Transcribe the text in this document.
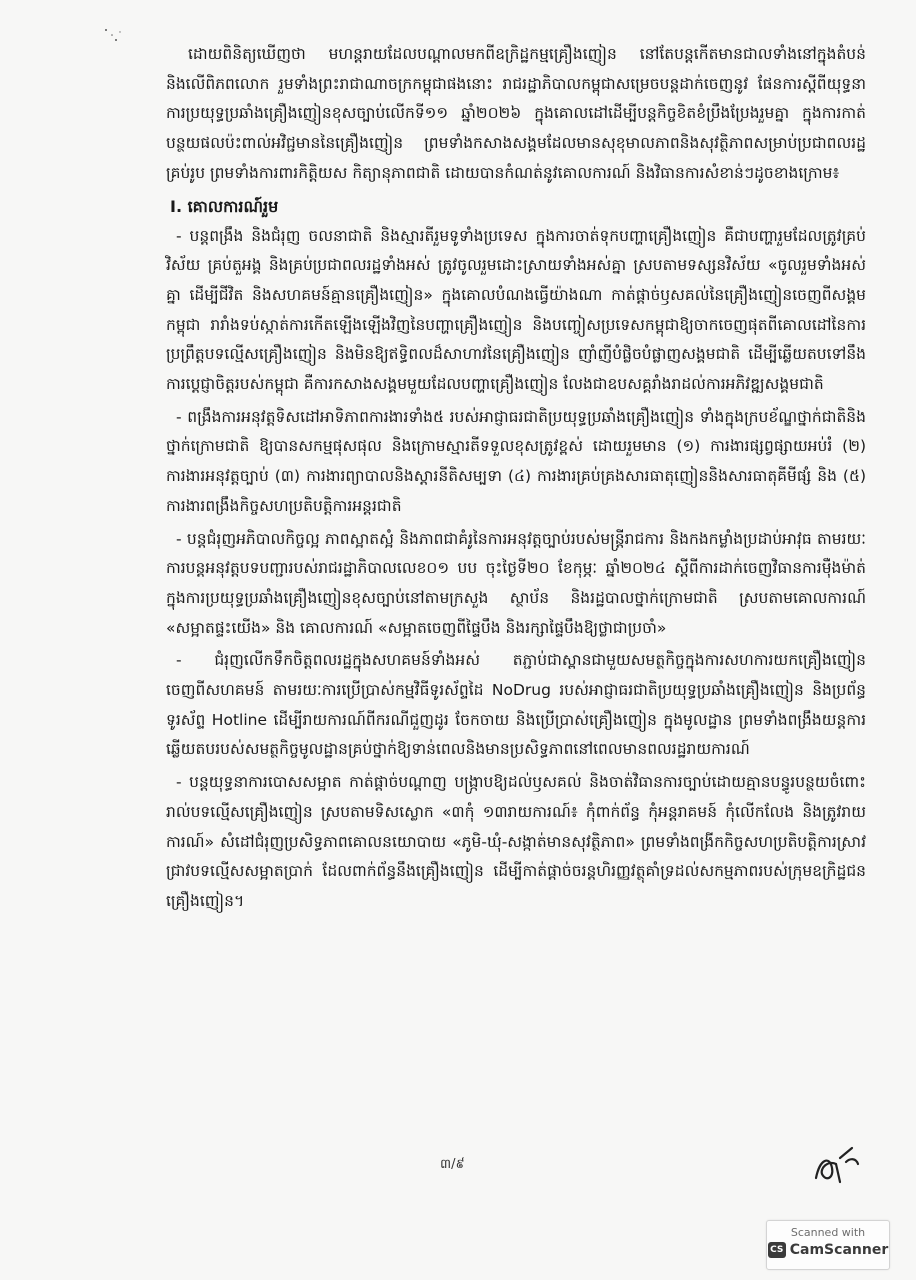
ដោយពិនិត្យឃើញថា មហន្តរាយដែលបណ្តាលមកពីឧក្រិដ្ឋកម្មគ្រឿងញៀន នៅតែបន្តកើតមានជាលទាំងនៅក្នុងតំបន់និងលើពិភពលោក រួមទាំងព្រះរាជាណាចក្រកម្ពុជាផងនោះ រាជរដ្ឋាភិបាលកម្ពុជាសម្រេចបន្តដាក់ចេញនូវ ផែនការស្តីពីយុទ្ធនាការប្រយុទ្ធប្រឆាំងគ្រឿងញៀនខុសច្បាប់លើកទី១១ ឆ្នាំ២០២៦ ក្នុងគោលដៅដើម្បីបន្តកិច្ចខិតខំប្រឹងប្រែងរួមគ្នា ក្នុងការកាត់បន្ថយផលប៉ះពាល់អវិជ្ជមាននៃគ្រឿងញៀន ព្រមទាំងកសាងសង្គមដែលមានសុខុមាលភាពនិងសុវត្ថិភាពសម្រាប់ប្រជាពលរដ្ឋគ្រប់រូប ព្រមទាំងការពារកិត្តិយស កិត្យានុភាពជាតិ ដោយបានកំណត់នូវគោលការណ៍ និងវិធានការសំខាន់ៗដូចខាងក្រោម៖

I. គោលការណ៍រួម

- បន្តពង្រឹង និងជំរុញ ចលនាជាតិ និងស្មារតីរួមទូទាំងប្រទេស ក្នុងការចាត់ទុកបញ្ហាគ្រឿងញៀន គឺជាបញ្ហារួមដែលត្រូវគ្រប់វិស័យ គ្រប់តួអង្គ និងគ្រប់ប្រជាពលរដ្ឋទាំងអស់ ត្រូវចូលរួមដោះស្រាយទាំងអស់គ្នា ស្របតាមទស្សនវិស័យ «ចូលរួមទាំងអស់គ្នា ដើម្បីជីវិត និងសហគមន៍គ្មានគ្រឿងញៀន» ក្នុងគោលបំណងធ្វើយ៉ាងណា កាត់ផ្តាច់ឫសគល់នៃគ្រឿងញៀនចេញពីសង្គមកម្ពុជា រារាំងទប់ស្កាត់ការកើតឡើងឡើងវិញនៃបញ្ហាគ្រឿងញៀន និងបញ្ចៀសប្រទេសកម្ពុជាឱ្យចាកចេញផុតពីគោលដៅនៃការប្រព្រឹត្តបទល្មើសគ្រឿងញៀន និងមិនឱ្យឥទ្ធិពលដ៏សាហាវនៃគ្រឿងញៀន ញាំញីបំផ្លិចបំផ្លាញសង្គមជាតិ ដើម្បីឆ្លើយតបទៅនឹងការប្តេជ្ញាចិត្តរបស់កម្ពុជា គឺការកសាងសង្គមមួយដែលបញ្ហាគ្រឿងញៀន លែងជាឧបសគ្គរាំងរាដល់ការអភិវឌ្ឍសង្គមជាតិ

- ពង្រឹងការអនុវត្តទិសដៅអាទិភាពការងារទាំង៥ របស់អាជ្ញាធរជាតិប្រយុទ្ធប្រឆាំងគ្រឿងញៀន ទាំងក្នុងក្របខ័ណ្ឌថ្នាក់ជាតិនិងថ្នាក់ក្រោមជាតិ ឱ្យបានសកម្មផុសផុល និងក្រោមស្មារតីទទួលខុសត្រូវខ្ពស់ ដោយរួមមាន (១) ការងារផ្សព្វផ្សាយអប់រំ (២) ការងារអនុវត្តច្បាប់ (៣) ការងារព្យាបាលនិងស្តារនីតិសម្បទា (៤) ការងារគ្រប់គ្រងសារធាតុញៀននិងសារធាតុគីមីផ្សំ និង (៥) ការងារពង្រឹងកិច្ចសហប្រតិបត្តិការអន្តរជាតិ

- បន្តជំរុញអភិបាលកិច្ចល្អ ភាពស្អាតស្អំ និងភាពជាគំរូនៃការអនុវត្តច្បាប់របស់មន្ត្រីរាជការ និងកងកម្លាំងប្រដាប់អាវុធ តាមរយៈការបន្តអនុវត្តបទបញ្ជារបស់រាជរដ្ឋាភិបាលលេខ០១ បប ចុះថ្ងៃទី២០ ខែកុម្ភៈ ឆ្នាំ២០២៤ ស្តីពីការដាក់ចេញវិធានការម៉ឺងម៉ាត់ក្នុងការប្រយុទ្ធប្រឆាំងគ្រឿងញៀនខុសច្បាប់នៅតាមក្រសួង ស្ថាប័ន និងរដ្ឋបាលថ្នាក់ក្រោមជាតិ ស្របតាមគោលការណ៍ «សម្អាតផ្ទះយើង» និង គោលការណ៍ «សម្អាតចេញពីផ្ទៃបឹង និងរក្សាផ្ទៃបឹងឱ្យថ្លាជាប្រចាំ»

- ជំរុញលើកទឹកចិត្តពលរដ្ឋក្នុងសហគមន៍ទាំងអស់ តភ្ជាប់ជាស្ពានជាមួយសមត្ថកិច្ចក្នុងការសហការយកគ្រឿងញៀនចេញពីសហគមន៍ តាមរយៈការប្រើប្រាស់កម្មវិធីទូរស័ព្ទដៃ NoDrug របស់អាជ្ញាធរជាតិប្រយុទ្ធប្រឆាំងគ្រឿងញៀន និងប្រព័ន្ធទូរស័ព្ទ Hotline ដើម្បីរាយការណ៍ពីករណីជួញដូរ ចែកចាយ និងប្រើប្រាស់គ្រឿងញៀន ក្នុងមូលដ្ឋាន ព្រមទាំងពង្រឹងយន្តការឆ្លើយតបរបស់សមត្ថកិច្ចមូលដ្ឋានគ្រប់ថ្នាក់ឱ្យទាន់ពេលនិងមានប្រសិទ្ធភាពនៅពេលមានពលរដ្ឋរាយការណ៍

- បន្តយុទ្ធនាការបោសសម្អាត កាត់ផ្តាច់បណ្តាញ បង្ក្រាបឱ្យដល់ឫសគល់ និងចាត់វិធានការច្បាប់ដោយគ្មានបន្ធូរបន្ថយចំពោះរាល់បទល្មើសគ្រឿងញៀន ស្របតាមទិសស្លោក «៣កុំ ១៣រាយការណ៍៖ កុំពាក់ព័ន្ធ កុំអន្តរាគមន៍ កុំលើកលែង និងត្រូវរាយការណ៍» សំដៅជំរុញប្រសិទ្ធភាពគោលនយោបាយ «ភូមិ-ឃុំ-សង្កាត់មានសុវត្ថិភាព» ព្រមទាំងពង្រីកកិច្ចសហប្រតិបត្តិការស្រាវជ្រាវបទល្មើសសម្អាតប្រាក់ ដែលពាក់ព័ន្ធនឹងគ្រឿងញៀន ដើម្បីកាត់ផ្តាច់ចរន្តហិរញ្ញវត្ថុគាំទ្រដល់សកម្មភាពរបស់ក្រុមឧក្រិដ្ឋជនគ្រឿងញៀន។

៣/៩
Scanned with
CS CamScanner
